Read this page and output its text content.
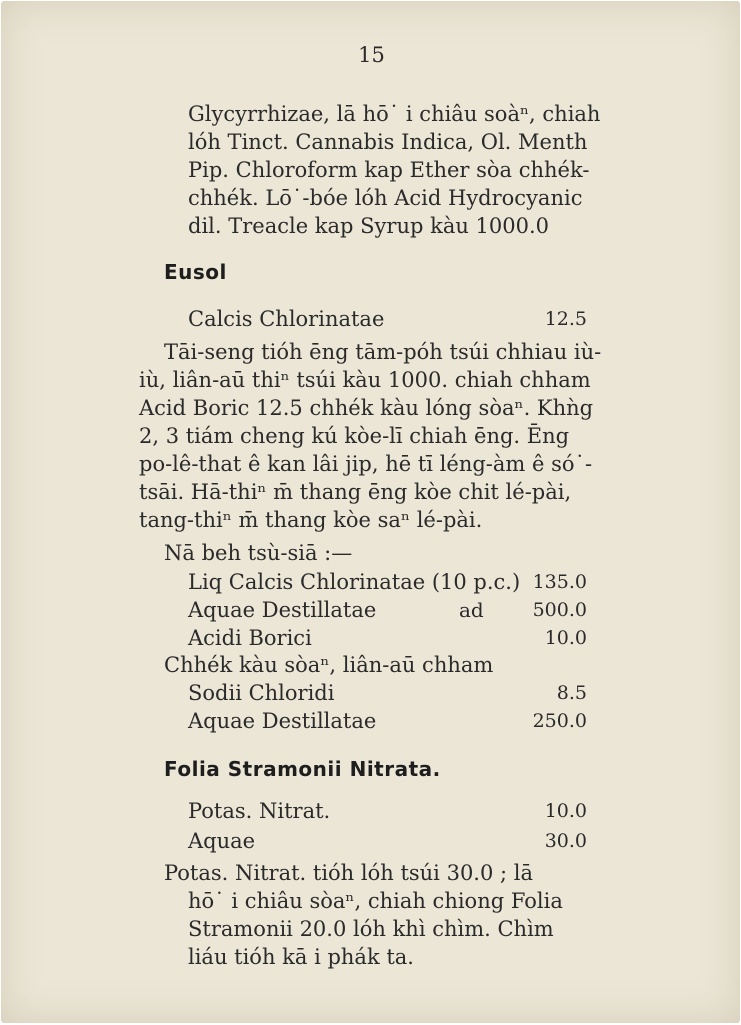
15
Glycyrrhizae, lā hō˙ i chiâu soàⁿ, chiah
lóh Tinct. Cannabis Indica, Ol. Menth
Pip. Chloroform kap Ether sòa chhék-
chhék. Lō˙-bóe lóh Acid Hydrocyanic
dil. Treacle kap Syrup kàu 1000.0
Eusol
Calcis Chlorinatae	12.5
Tāi-seng tióh ēng tām-póh tsúi chhiau iù-
iù, liân-aū thiⁿ tsúi kàu 1000. chiah chham
Acid Boric 12.5 chhék kàu lóng sòaⁿ. Khǹg
2, 3 tiám cheng kú kòe-lī chiah ēng. Ēng
po-lê-that ê kan lâi jip, hē tī léng-àm ê só˙-
tsāi. Hā-thiⁿ m̄ thang ēng kòe chit lé-pài,
tang-thiⁿ m̄ thang kòe saⁿ lé-pài.
Nā beh tsù-siā :—
Liq Calcis Chlorinatae (10 p.c.) 135.0
Aquae Destillatae	ad	500.0
Acidi Borici	10.0
Chhék kàu sòaⁿ, liân-aū chham
Sodii Chloridi	8.5
Aquae Destillatae	250.0
Folia Stramonii Nitrata.
Potas. Nitrat.	10.0
Aquae	30.0
Potas. Nitrat. tióh lóh tsúi 30.0 ; lā
hō˙ i chiâu sòaⁿ, chiah chiong Folia
Stramonii 20.0 lóh khì chìm. Chìm
liáu tióh kā i phák ta.
